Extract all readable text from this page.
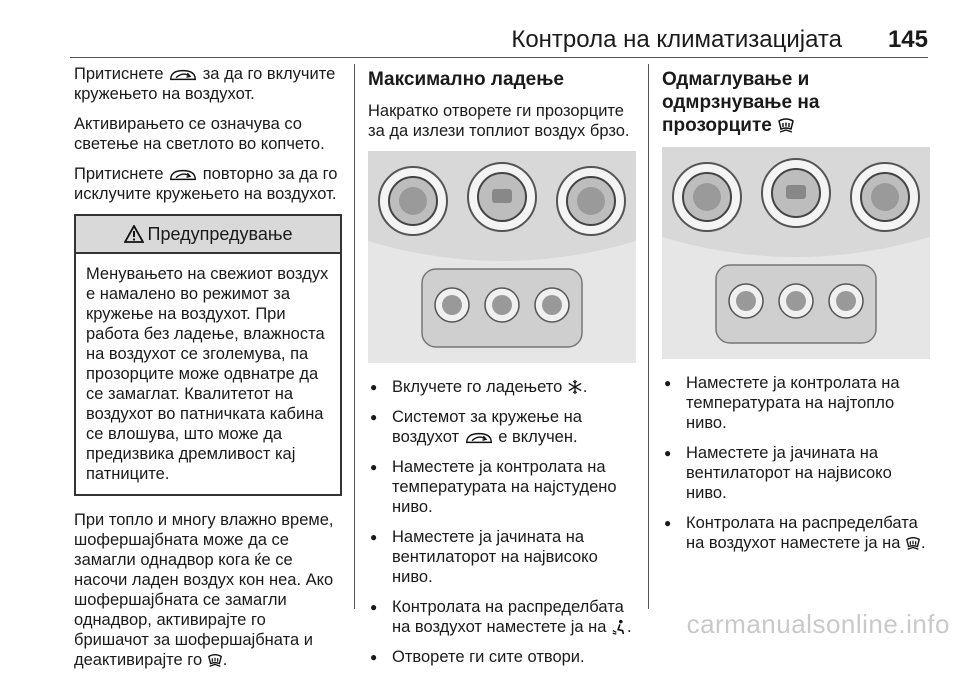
Контрола на климатизацијата 145

Притиснете  за да го вклучите кружењето на воздухот.

Активирањето се означува со светење на светлото во копчето.

Притиснете  повторно за да го исклучите кружењето на воздухот.

Предупредување
Менувањето на свежиот воздух е намалено во режимот за кружење на воздухот. При работа без ладење, влажноста на воздухот се зголемува, па прозорците може одвнатре да се замаглат. Квалитетот на воздухот во патничката кабина се влошува, што може да предизвика дремливост кај патниците.

При топло и многу влажно време, шофершајбната може да се замагли однадвор кога ќе се насочи ладен воздух кон неа. Ако шофершајбната се замагли однадвор, активирајте го бришачот за шофершајбната и деактивирајте го .

Максимално ладење

Накратко отворете ги прозорците за да излези топлиот воздух брзо.

● Вклучете го ладењето .
● Системот за кружење на воздухот  е вклучен.
● Наместете ја контролата на температурата на најстудено ниво.
● Наместете ја јачината на вентилаторот на највисоко ниво.
● Контролата на распределбата на воздухот наместете ја на .
● Отворете ги сите отвори.
Одмаглување и одмрзнување на прозорците
● Наместете ја контролата на температурата на најтопло ниво.
● Наместете ја јачината на вентилаторот на највисоко ниво.
● Контролата на распределбата на воздухот наместете ја на .
carmanualsonline.info
